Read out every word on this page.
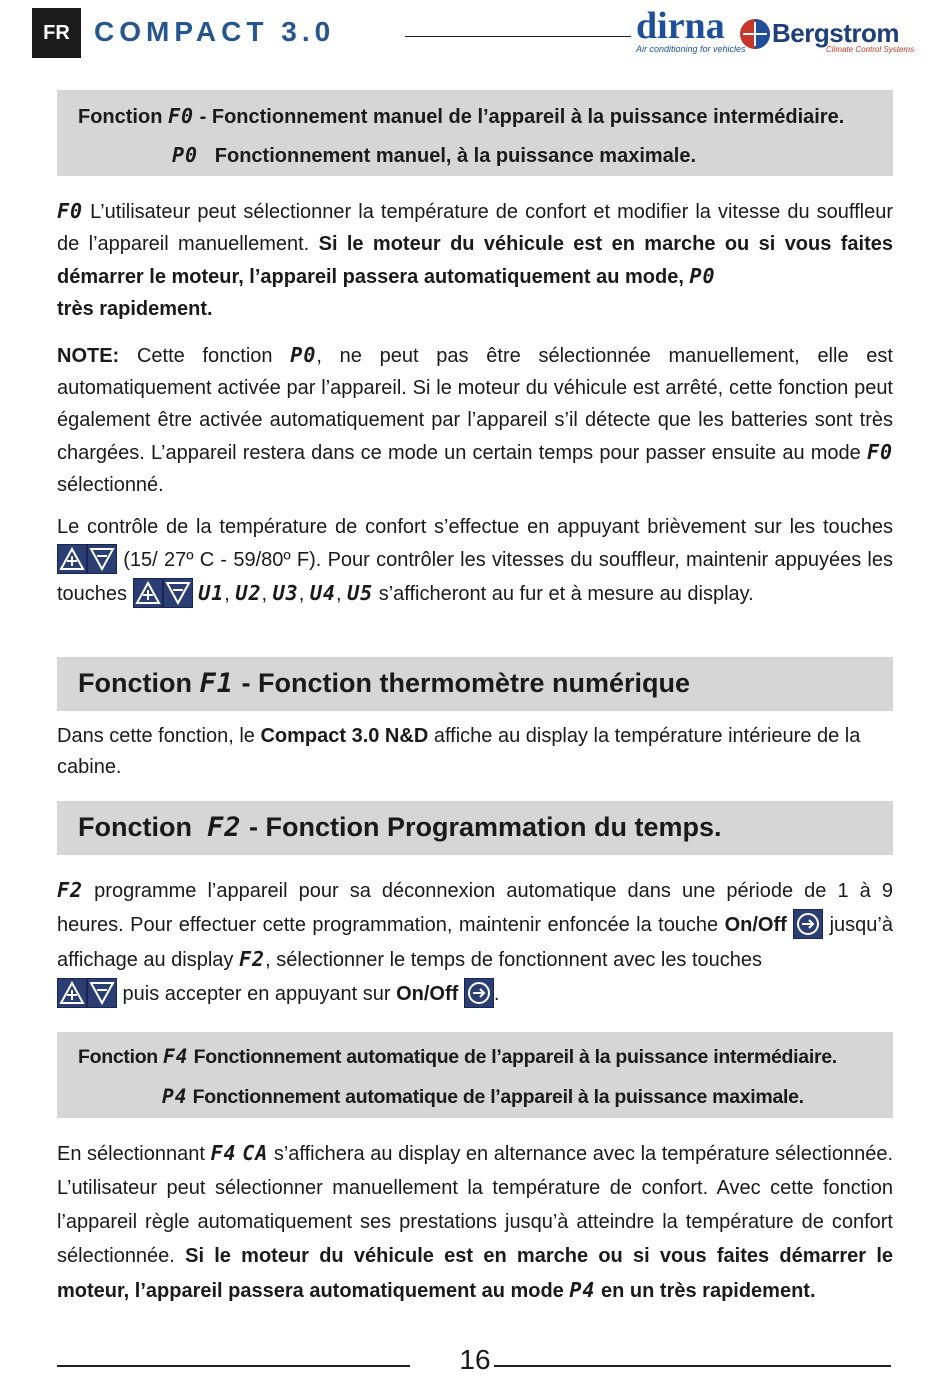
FR COMPACT 3.0	dirna
Air conditioning for vehicles
Bergstrom
Climate Control Systems
Fonction F0 - Fonctionnement manuel de l’appareil à la puissance intermédiaire.
P0 Fonctionnement manuel, à la puissance maximale.
F0 L’utilisateur peut sélectionner la température de confort et modifier la vitesse du souffleur de l’appareil manuellement. Si le moteur du véhicule est en marche ou si vous faites démarrer le moteur, l’appareil passera automatiquement au mode, P0
très rapidement.
NOTE: Cette fonction P0, ne peut pas être sélectionnée manuellement, elle est automatiquement activée par l’appareil. Si le moteur du véhicule est arrêté, cette fonction peut également être activée automatiquement par l’appareil s’il détecte que les batteries sont très chargées. L’appareil restera dans ce mode un certain temps pour passer ensuite au mode F0 sélectionné.
Le contrôle de la température de confort s’effectue en appuyant brièvement sur les touches
(15/ 27º C - 59/80º F). Pour contrôler les vitesses du souffleur, maintenir appuyées les touches	U1, U2, U3, U4, U5 s’afficheront au fur et à mesure au display.
Fonction F1 - Fonction thermomètre numérique
Dans cette fonction, le Compact 3.0 N&D affiche au display la température intérieure de la cabine.
Fonction F2 - Fonction Programmation du temps.
F2 programme l’appareil pour sa déconnexion automatique dans une période de 1 à 9 heures. Pour effectuer cette programmation, maintenir enfoncée la touche On/Off
jusqu’à affichage au display F2, sélectionner le temps de fonctionnent avec les touches

puis accepter en appuyant sur On/Off .
Fonction F4 Fonctionnement automatique de l’appareil à la puissance intermédiaire.
P4 Fonctionnement automatique de l’appareil à la puissance maximale.
En sélectionnant F4 CA s’affichera au display en alternance avec la température sélectionnée. L’utilisateur peut sélectionner manuellement la température de confort. Avec cette fonction l’appareil règle automatiquement ses prestations jusqu’à atteindre la température de confort sélectionnée. Si le moteur du véhicule est en marche ou si vous faites démarrer le moteur, l’appareil passera automatiquement au mode P4 en un très rapidement.
16
